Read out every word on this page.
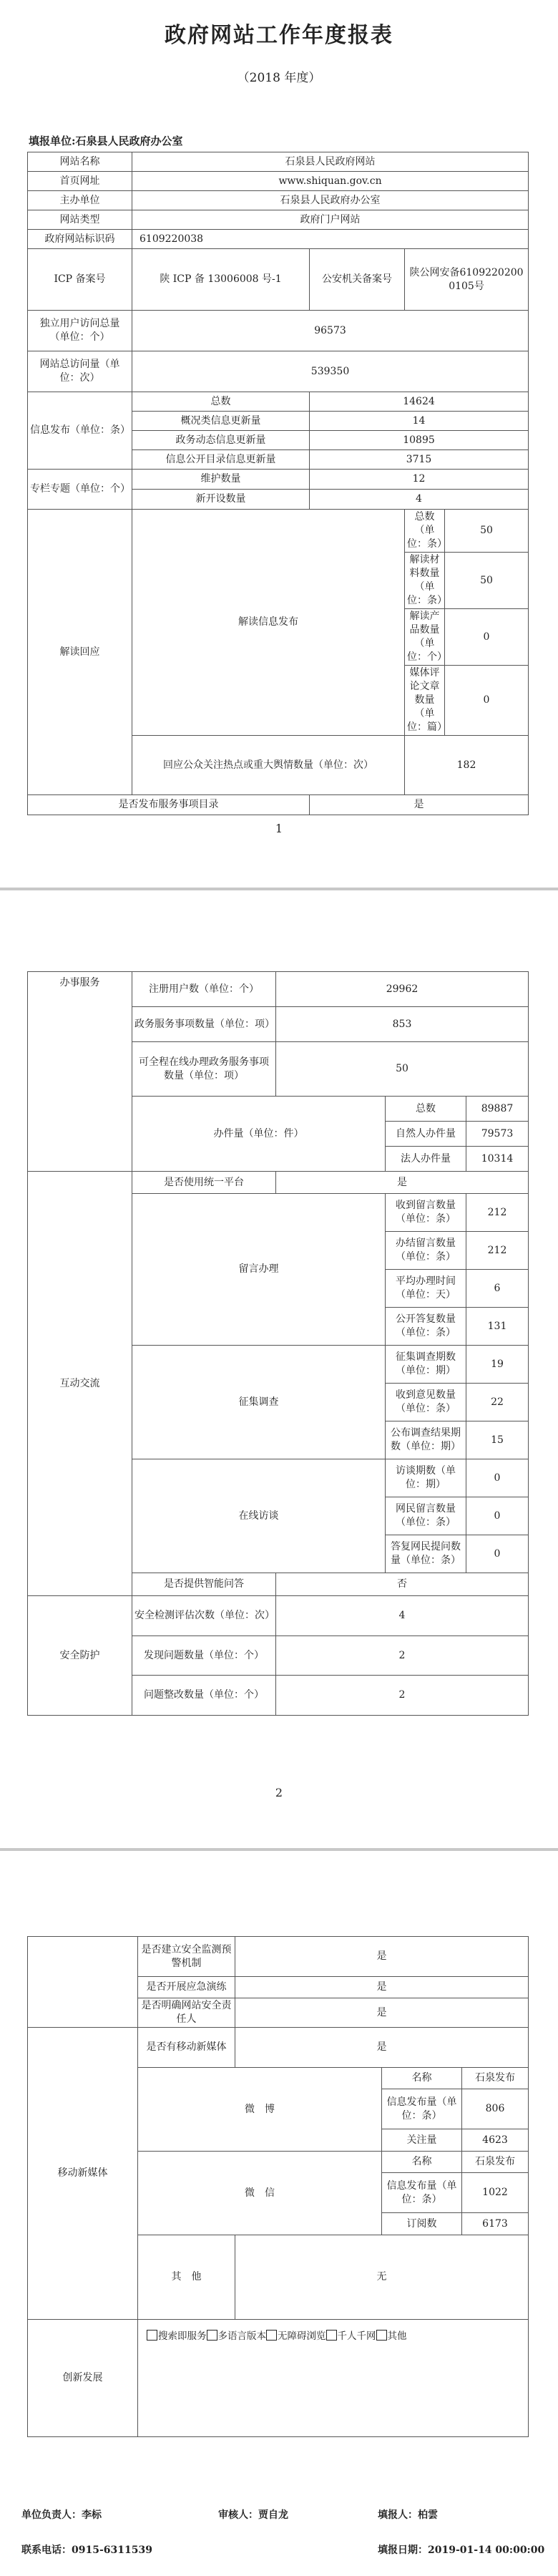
政府网站工作年度报表
（2018 年度）
填报单位:石泉县人民政府办公室
网站名称	石泉县人民政府网站			
首页网址	www.shiquan.gov.cn			
主办单位	石泉县人民政府办公室			
网站类型	政府门户网站			
政府网站标识码	6109220038			
ICP 备案号	陕 ICP 备 13006008 号-1	公安机关备案号	陕公网安备61092202000105号	
独立用户访问总量（单位：个）	96573			
网站总访问量（单位：次）	539350			
信息发布（单位：条）	总数	14624		
	概况类信息更新量	14		
	政务动态信息更新量	10895		
	信息公开目录信息更新量	3715		
专栏专题（单位：个）	维护数量	12		
	新开设数量	4		
解读回应	解读信息发布		总数（单位：条）	50
			解读材料数量（单位：条）	50
			解读产品数量（单位：个）	0
			媒体评论文章数量（单位：篇）	0
	回应公众关注热点或重大舆情数量（单位：次）		182	
是否发布服务事项目录		是		
1
办事服务	注册用户数（单位：个）	29962		
	政务服务事项数量（单位：项）	853		
	可全程在线办理政务服务事项数量（单位：项）	50		
	办件量（单位：件）		总数	89887
			自然人办件量	79573
			法人办件量	10314
互动交流	是否使用统一平台	是		
	留言办理		收到留言数量（单位：条）	212
			办结留言数量（单位：条）	212
			平均办理时间（单位：天）	6
			公开答复数量（单位：条）	131
	征集调查		征集调查期数（单位：期）	19
			收到意见数量（单位：条）	22
			公布调查结果期数（单位：期）	15
	在线访谈		访谈期数（单位：期）	0
			网民留言数量（单位：条）	0
			答复网民提问数量（单位：条）	0
	是否提供智能问答	否		
安全防护	安全检测评估次数（单位：次）	4		
	发现问题数量（单位：个）	2		
	问题整改数量（单位：个）	2		
2
	是否建立安全监测预警机制	是		
	是否开展应急演练	是		
	是否明确网站安全责任人	是		
移动新媒体	是否有移动新媒体	是		
	微　博		名称	石泉发布
			信息发布量（单位：条）	806
			关注量	4623
	微　信		名称	石泉发布
			信息发布量（单位：条）	1022
			订阅数	6173
	其　他	无		
创新发展	搜索即服务 多语言版本 无障碍浏览 千人千网 其他			
单位负责人：李标	审核人：贾自龙	填报人：柏雲
联系电话：0915-6311539	填报日期：2019-01-14 00:00:00
